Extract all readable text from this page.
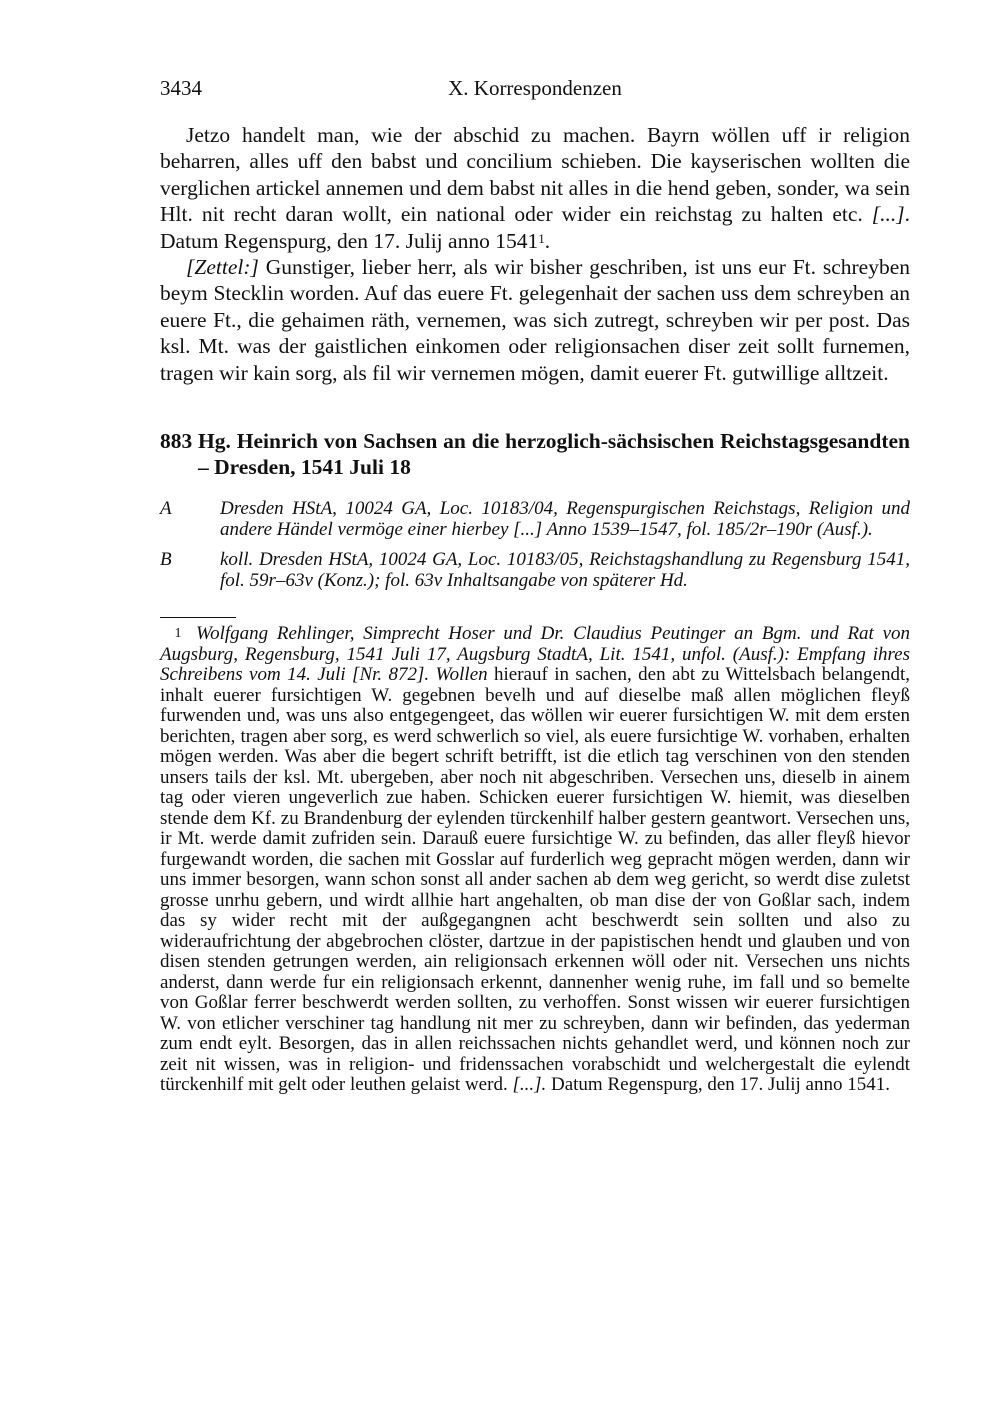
3434	X. Korrespondenzen

Jetzo handelt man, wie der abschid zu machen. Bayrn wöllen uff ir religion beharren, alles uff den babst und concilium schieben. Die kayserischen wollten die verglichen artickel annemen und dem babst nit alles in die hend geben, sonder, wa sein Hlt. nit recht daran wollt, ein national oder wider ein reichstag zu halten etc. [...]. Datum Regenspurg, den 17. Julij anno 1541$^1$.

[Zettel:] Gunstiger, lieber herr, als wir bisher geschriben, ist uns eur Ft. schreyben beym Stecklin worden. Auf das euere Ft. gelegenhait der sachen uss dem schreyben an euere Ft., die gehaimen räth, vernemen, was sich zutregt, schreyben wir per post. Das ksl. Mt. was der gaistlichen einkomen oder religionsachen diser zeit sollt furnemen, tragen wir kain sorg, als fil wir vernemen mögen, damit euerer Ft. gutwillige alltzeit.

883 Hg. Heinrich von Sachsen an die herzoglich-sächsischen Reichstagsgesandten – Dresden, 1541 Juli 18
A	Dresden HStA, 10024 GA, Loc. 10183/04, Regenspurgischen Reichstags, Religion und andere Händel vermöge einer hierbey [...] Anno 1539–1547, fol. 185/2r–190r (Ausf.).
B	koll. Dresden HStA, 10024 GA, Loc. 10183/05, Reichstagshandlung zu Regensburg 1541, fol. 59r–63v (Konz.); fol. 63v Inhaltsangabe von späterer Hd.
1 Wolfgang Rehlinger, Simprecht Hoser und Dr. Claudius Peutinger an Bgm. und Rat von Augsburg, Regensburg, 1541 Juli 17, Augsburg StadtA, Lit. 1541, unfol. (Ausf.): Empfang ihres Schreibens vom 14. Juli [Nr. 872]. Wollen hierauf in sachen, den abt zu Wittelsbach belangendt, inhalt euerer fursichtigen W. gegebnen bevelh und auf dieselbe maß allen möglichen fleyß furwenden und, was uns also entgegengeet, das wöllen wir euerer fursichtigen W. mit dem ersten berichten, tragen aber sorg, es werd schwerlich so viel, als euere fursichtige W. vorhaben, erhalten mögen werden. Was aber die begert schrift betrifft, ist die etlich tag verschinen von den stenden unsers tails der ksl. Mt. ubergeben, aber noch nit abgeschriben. Versechen uns, dieselb in ainem tag oder vieren ungeverlich zue haben. Schicken euerer fursichtigen W. hiemit, was dieselben stende dem Kf. zu Brandenburg der eylenden türckenhilf halber gestern geantwort. Versechen uns, ir Mt. werde damit zufriden sein. Darauß euere fursichtige W. zu befinden, das aller fleyß hievor furgewandt worden, die sachen mit Gosslar auf furderlich weg gepracht mögen werden, dann wir uns immer besorgen, wann schon sonst all ander sachen ab dem weg gericht, so werdt dise zuletst grosse unrhu gebern, und wirdt allhie hart angehalten, ob man dise der von Goßlar sach, indem das sy wider recht mit der außgegangnen acht beschwerdt sein sollten und also zu wideraufrichtung der abgebrochen clöster, dartzue in der papistischen hendt und glauben und von disen stenden getrungen werden, ain religionsach erkennen wöll oder nit. Versechen uns nichts anderst, dann werde fur ein religionsach erkennt, dannenher wenig ruhe, im fall und so bemelte von Goßlar ferrer beschwerdt werden sollten, zu verhoffen. Sonst wissen wir euerer fursichtigen W. von etlicher verschiner tag handlung nit mer zu schreyben, dann wir befinden, das yederman zum endt eylt. Besorgen, das in allen reichssachen nichts gehandlet werd, und können noch zur zeit nit wissen, was in religion- und fridenssachen vorabschidt und welchergestalt die eylendt türckenhilf mit gelt oder leuthen gelaist werd. [...]. Datum Regenspurg, den 17. Julij anno 1541.
